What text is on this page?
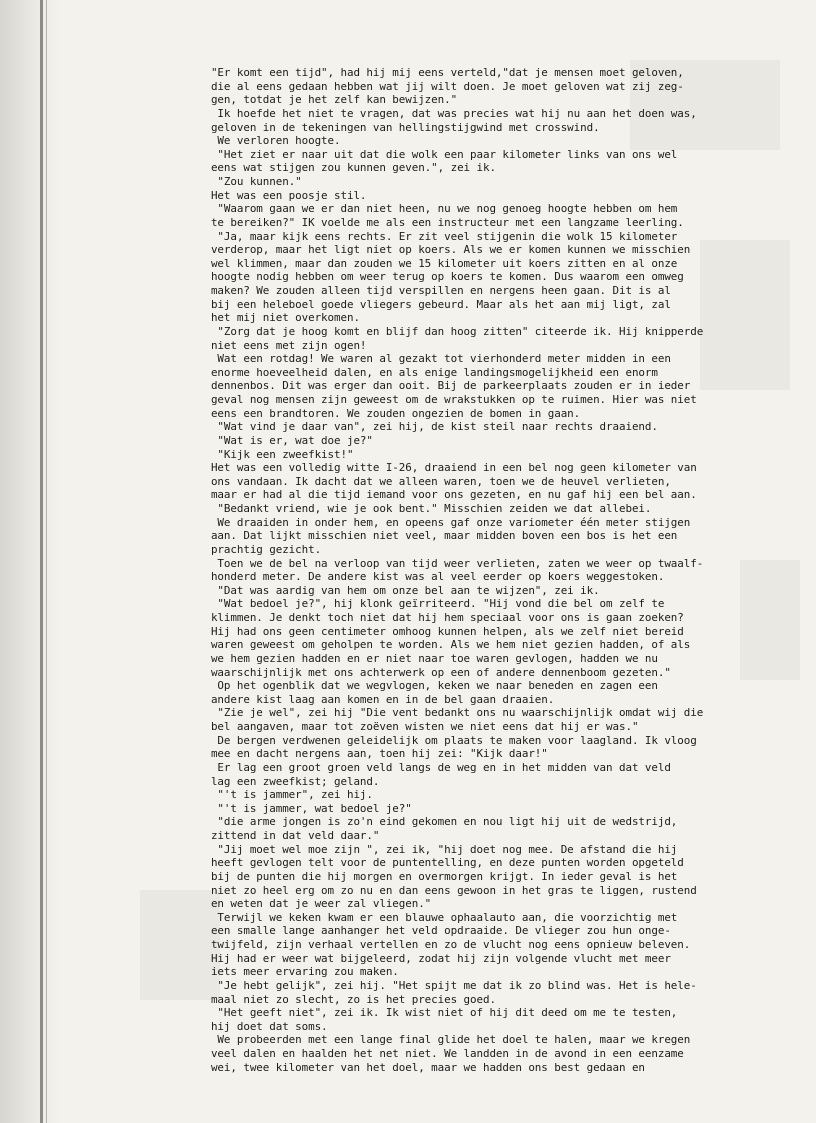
"Er komt een tijd", had hij mij eens verteld,"dat je mensen moet geloven,
die al eens gedaan hebben wat jij wilt doen. Je moet geloven wat zij zeg-
gen, totdat je het zelf kan bewijzen."
Ik hoefde het niet te vragen, dat was precies wat hij nu aan het doen was,
geloven in de tekeningen van hellingstijgwind met crosswind.
We verloren hoogte.
"Het ziet er naar uit dat die wolk een paar kilometer links van ons wel
eens wat stijgen zou kunnen geven.", zei ik.
"Zou kunnen."
Het was een poosje stil.
"Waarom gaan we er dan niet heen, nu we nog genoeg hoogte hebben om hem
te bereiken?" IK voelde me als een instructeur met een langzame leerling.
"Ja, maar kijk eens rechts. Er zit veel stijgenin die wolk 15 kilometer
verderop, maar het ligt niet op koers. Als we er komen kunnen we misschien
wel klimmen, maar dan zouden we 15 kilometer uit koers zitten en al onze
hoogte nodig hebben om weer terug op koers te komen. Dus waarom een omweg
maken? We zouden alleen tijd verspillen en nergens heen gaan. Dit is al
bij een heleboel goede vliegers gebeurd. Maar als het aan mij ligt, zal
het mij niet overkomen.
"Zorg dat je hoog komt en blijf dan hoog zitten" citeerde ik. Hij knipperde
niet eens met zijn ogen!
Wat een rotdag! We waren al gezakt tot vierhonderd meter midden in een
enorme hoeveelheid dalen, en als enige landingsmogelijkheid een enorm
dennenbos. Dit was erger dan ooit. Bij de parkeerplaats zouden er in ieder
geval nog mensen zijn geweest om de wrakstukken op te ruimen. Hier was niet
eens een brandtoren. We zouden ongezien de bomen in gaan.
"Wat vind je daar van", zei hij, de kist steil naar rechts draaiend.
"Wat is er, wat doe je?"
"Kijk een zweefkist!"
Het was een volledig witte I-26, draaiend in een bel nog geen kilometer van
ons vandaan. Ik dacht dat we alleen waren, toen we de heuvel verlieten,
maar er had al die tijd iemand voor ons gezeten, en nu gaf hij een bel aan.
"Bedankt vriend, wie je ook bent." Misschien zeiden we dat allebei.
We draaiden in onder hem, en opeens gaf onze variometer één meter stijgen
aan. Dat lijkt misschien niet veel, maar midden boven een bos is het een
prachtig gezicht.
Toen we de bel na verloop van tijd weer verlieten, zaten we weer op twaalf-
honderd meter. De andere kist was al veel eerder op koers weggestoken.
"Dat was aardig van hem om onze bel aan te wijzen", zei ik.
"Wat bedoel je?", hij klonk geïrriteerd. "Hij vond die bel om zelf te
klimmen. Je denkt toch niet dat hij hem speciaal voor ons is gaan zoeken?
Hij had ons geen centimeter omhoog kunnen helpen, als we zelf niet bereid
waren geweest om geholpen te worden. Als we hem niet gezien hadden, of als
we hem gezien hadden en er niet naar toe waren gevlogen, hadden we nu
waarschijnlijk met ons achterwerk op een of andere dennenboom gezeten."
Op het ogenblik dat we wegvlogen, keken we naar beneden en zagen een
andere kist laag aan komen en in de bel gaan draaien.
"Zie je wel", zei hij "Die vent bedankt ons nu waarschijnlijk omdat wij die
bel aangaven, maar tot zoëven wisten we niet eens dat hij er was."
De bergen verdwenen geleidelijk om plaats te maken voor laagland. Ik vloog
mee en dacht nergens aan, toen hij zei: "Kijk daar!"
Er lag een groot groen veld langs de weg en in het midden van dat veld
lag een zweefkist; geland.
"'t is jammer", zei hij.
"'t is jammer, wat bedoel je?"
"die arme jongen is zo'n eind gekomen en nou ligt hij uit de wedstrijd,
zittend in dat veld daar."
"Jij moet wel moe zijn ", zei ik, "hij doet nog mee. De afstand die hij
heeft gevlogen telt voor de puntentelling, en deze punten worden opgeteld
bij de punten die hij morgen en overmorgen krijgt. In ieder geval is het
niet zo heel erg om zo nu en dan eens gewoon in het gras te liggen, rustend
en weten dat je weer zal vliegen."
Terwijl we keken kwam er een blauwe ophaalauto aan, die voorzichtig met
een smalle lange aanhanger het veld opdraaide. De vlieger zou hun onge-
twijfeld, zijn verhaal vertellen en zo de vlucht nog eens opnieuw beleven.
Hij had er weer wat bijgeleerd, zodat hij zijn volgende vlucht met meer
iets meer ervaring zou maken.
"Je hebt gelijk", zei hij. "Het spijt me dat ik zo blind was. Het is hele-
maal niet zo slecht, zo is het precies goed.
"Het geeft niet", zei ik. Ik wist niet of hij dit deed om me te testen,
hij doet dat soms.
We probeerden met een lange final glide het doel te halen, maar we kregen
veel dalen en haalden het net niet. We landden in de avond in een eenzame
wei, twee kilometer van het doel, maar we hadden ons best gedaan en
